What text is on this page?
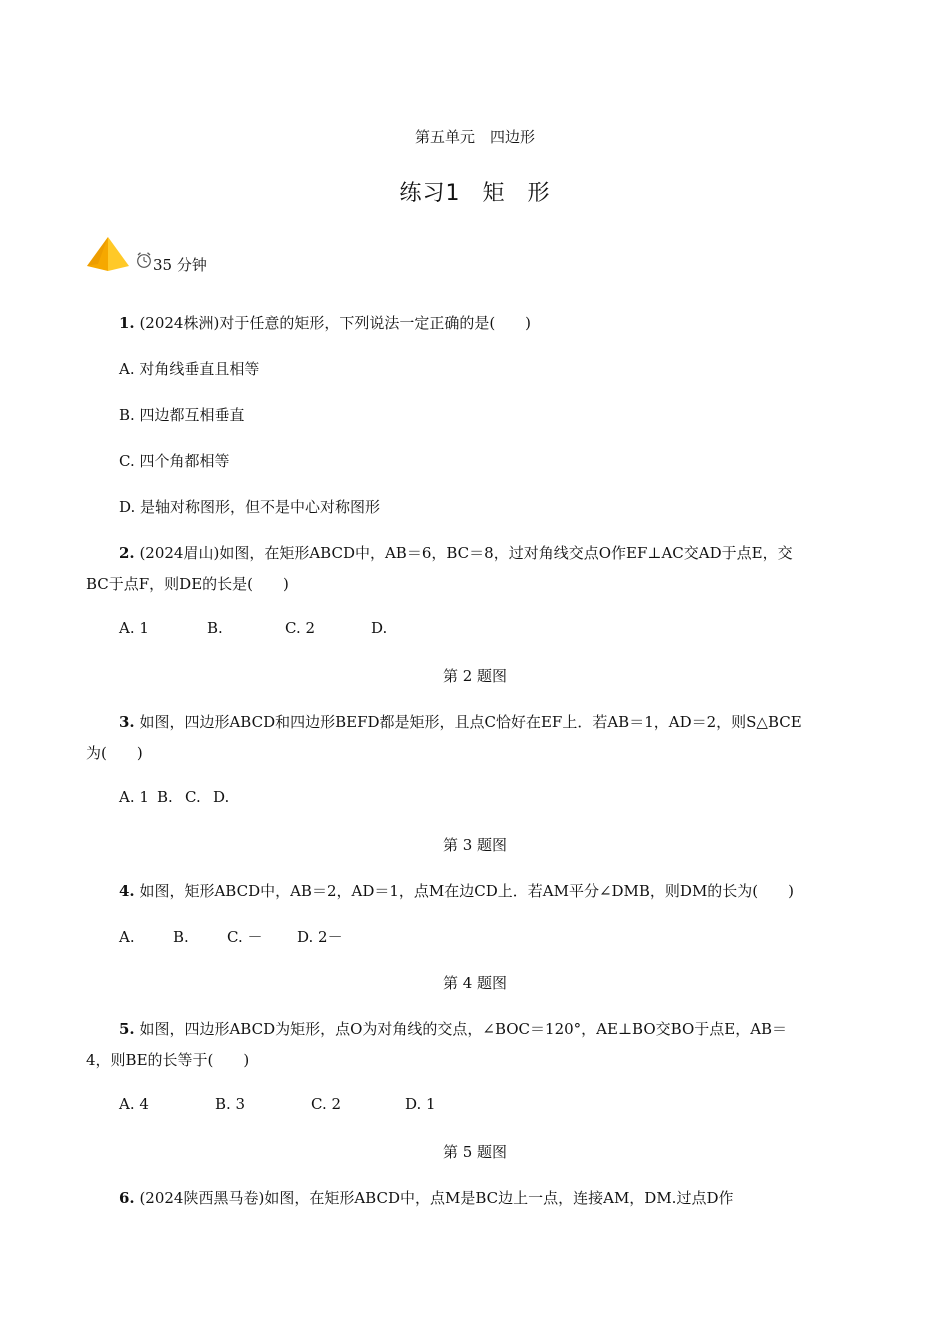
第五单元　四边形
练习1 矩 形
35 分钟
1. (2024株洲)对于任意的矩形，下列说法一定正确的是(　　)
A. 对角线垂直且相等
B. 四边都互相垂直
C. 四个角都相等
D. 是轴对称图形，但不是中心对称图形
2. (2024眉山)如图，在矩形ABCD中，AB＝6，BC＝8，过对角线交点O作EF⊥AC交AD于点E，交
BC于点F，则DE的长是(　　)
A. 1	B.	C. 2	D.
第 2 题图
3. 如图，四边形ABCD和四边形BEFD都是矩形，且点C恰好在EF上．若AB＝1，AD＝2，则S△BCE
为(　　)
A. 1 B. C. D.
第 3 题图
4. 如图，矩形ABCD中，AB＝2，AD＝1，点M在边CD上．若AM平分∠DMB，则DM的长为(　　)
A.	B.	C. － D. 2－
第 4 题图
5. 如图，四边形ABCD为矩形，点O为对角线的交点，∠BOC＝120°，AE⊥BO交BO于点E，AB＝
4，则BE的长等于(　　)
A. 4	B. 3	C. 2	D. 1
第 5 题图
6. (2024陕西黑马卷)如图，在矩形ABCD中，点M是BC边上一点，连接AM，DM.过点D作
